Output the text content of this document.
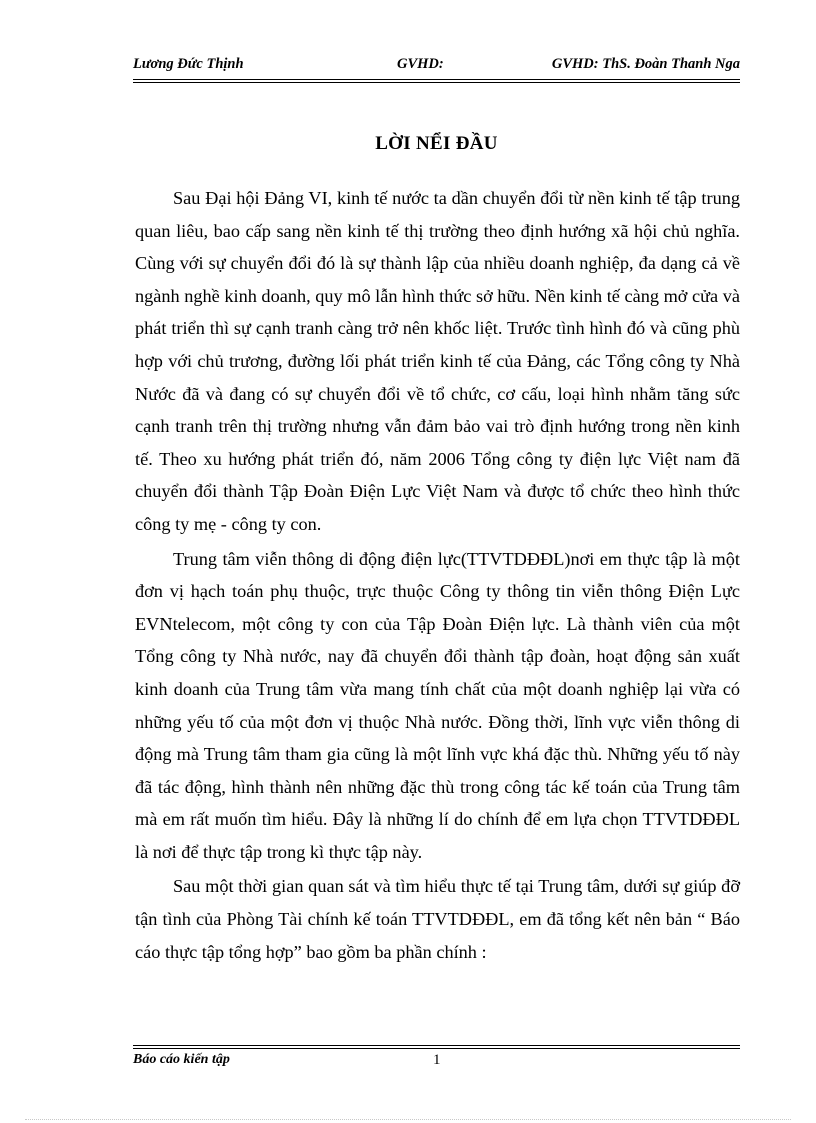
Lương Đức Thịnh	GVHD:	GVHD: ThS. Đoàn Thanh Nga
LỜI NỂI ĐẦU

Sau Đại hội Đảng VI, kinh tế nước ta dần chuyển đổi từ nền kinh tế tập trung quan liêu, bao cấp sang nền kinh tế thị trường theo định hướng xã hội chủ nghĩa. Cùng với sự chuyển đổi đó là sự thành lập của nhiều doanh nghiệp, đa dạng cả về ngành nghề kinh doanh, quy mô lẫn hình thức sở hữu. Nền kinh tế càng mở cửa và phát triển thì sự cạnh tranh càng trở nên khốc liệt. Trước tình hình đó và cũng phù hợp với chủ trương, đường lối phát triển kinh tế của Đảng, các Tổng công ty Nhà Nước đã và đang có sự chuyển đổi về tổ chức, cơ cấu, loại hình nhằm tăng sức cạnh tranh trên thị trường nhưng vẫn đảm bảo vai trò định hướng trong nền kinh tế. Theo xu hướng phát triển đó, năm 2006 Tổng công ty điện lực Việt nam đã chuyển đổi thành Tập Đoàn Điện Lực Việt Nam và được tổ chức theo hình thức công ty mẹ - công ty con.

Trung tâm viễn thông di động điện lực(TTVTDĐĐL)nơi em thực tập là một đơn vị hạch toán phụ thuộc, trực thuộc Công ty thông tin viễn thông Điện Lực EVNtelecom, một công ty con của Tập Đoàn Điện lực. Là thành viên của một Tổng công ty Nhà nước, nay đã chuyển đổi thành tập đoàn, hoạt động sản xuất kinh doanh của Trung tâm vừa mang tính chất của một doanh nghiệp lại vừa có những yếu tố của một đơn vị thuộc Nhà nước. Đồng thời, lĩnh vực viễn thông di động mà Trung tâm tham gia cũng là một lĩnh vực khá đặc thù. Những yếu tố này đã tác động, hình thành nên những đặc thù trong công tác kế toán của Trung tâm mà em rất muốn tìm hiểu. Đây là những lí do chính để em lựa chọn TTVTDĐĐL là nơi để thực tập trong kì thực tập này.

Sau một thời gian quan sát và tìm hiểu thực tế tại Trung tâm, dưới sự giúp đỡ tận tình của Phòng Tài chính kế toán TTVTDĐĐL, em đã tổng kết nên bản “ Báo cáo thực tập tổng hợp” bao gồm ba phần chính :

Báo cáo kiến tập	1
